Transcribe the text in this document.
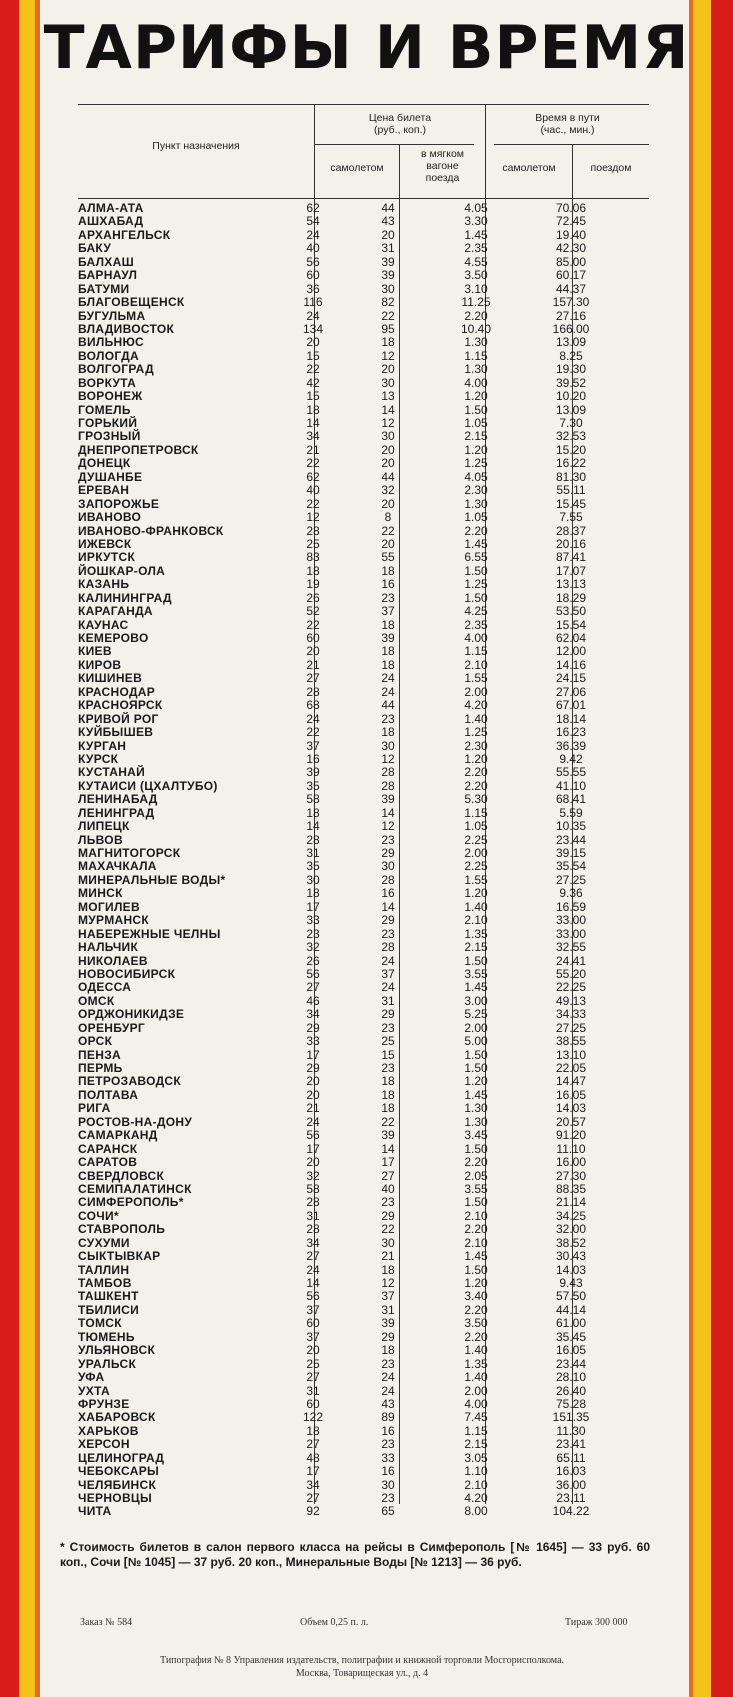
ТАРИФЫ И ВРЕМЯ
Пункт назначения
Цена билета
(руб., коп.)
Время в пути
(час., мин.)
самолетом
в мягком
вагоне
поезда
самолетом	поездом
АЛМА-АТА	62	44	4.05	70.06
АШХАБАД	54	43	3.30	72.45
АРХАНГЕЛЬСК	24	20	1.45	19.40
БАКУ	40	31	2.35	42.30
БАЛХАШ	56	39	4.55	85.00
БАРНАУЛ	60	39	3.50	60.17
БАТУМИ	36	30	3.10	44.37
БЛАГОВЕЩЕНСК	116	82	11.25	157.30
БУГУЛЬМА	24	22	2.20	27.16
ВЛАДИВОСТОК	134	95	10.40	166.00
ВИЛЬНЮС	20	18	1.30	13.09
ВОЛОГДА	15	12	1.15	8.25
ВОЛГОГРАД	22	20	1.30	19.30
ВОРКУТА	42	30	4.00	39.52
ВОРОНЕЖ	15	13	1.20	10.20
ГОМЕЛЬ	18	14	1.50	13.09
ГОРЬКИЙ	14	12	1.05	7.30
ГРОЗНЫЙ	34	30	2.15	32.53
ДНЕПРОПЕТРОВСК	21	20	1.20	15.20
ДОНЕЦК	22	20	1.25	16.22
ДУШАНБЕ	62	44	4.05	81.30
ЕРЕВАН	40	32	2.30	55.11
ЗАПОРОЖЬЕ	22	20	1.30	15.45
ИВАНОВО	12	8	1.05	7.55
ИВАНОВО-ФРАНКОВСК	28	22	2.20	28.37
ИЖЕВСК	25	20	1.45	20.16
ИРКУТСК	83	55	6.55	87.41
ЙОШКАР-ОЛА	18	18	1.50	17.07
КАЗАНЬ	19	16	1.25	13.13
КАЛИНИНГРАД	26	23	1.50	18.29
КАРАГАНДА	52	37	4.25	53.50
КАУНАС	22	18	2.35	15.54
КЕМЕРОВО	60	39	4.00	62.04
КИЕВ	20	18	1.15	12.00
КИРОВ	21	18	2.10	14.16
КИШИНЕВ	27	24	1.55	24.15
КРАСНОДАР	28	24	2.00	27.06
КРАСНОЯРСК	68	44	4.20	67.01
КРИВОЙ РОГ	24	23	1.40	18.14
КУЙБЫШЕВ	22	18	1.25	16.23
КУРГАН	37	30	2.30	36.39
КУРСК	16	12	1.20	9.42
КУСТАНАЙ	39	28	2.20	55.55
КУТАИСИ (ЦХАЛТУБО)	35	28	2.20	41.10
ЛЕНИНАБАД	58	39	5.30	68.41
ЛЕНИНГРАД	18	14	1.15	5.59
ЛИПЕЦК	14	12	1.05	10.35
ЛЬВОВ	28	23	2.25	23.44
МАГНИТОГОРСК	31	29	2.00	39.15
МАХАЧКАЛА	35	30	2.25	35.54
МИНЕРАЛЬНЫЕ ВОДЫ*	30	28	1.55	27.25
МИНСК	18	16	1.20	9.36
МОГИЛЕВ	17	14	1.40	16.59
МУРМАНСК	33	29	2.10	33.00
НАБЕРЕЖНЫЕ ЧЕЛНЫ	23	23	1.35	33.00
НАЛЬЧИК	32	28	2.15	32.55
НИКОЛАЕВ	26	24	1.50	24.41
НОВОСИБИРСК	56	37	3.55	55.20
ОДЕССА	27	24	1.45	22.25
ОМСК	46	31	3.00	49.13
ОРДЖОНИКИДЗЕ	34	29	5.25	34.33
ОРЕНБУРГ	29	23	2.00	27.25
ОРСК	33	25	5.00	38.55
ПЕНЗА	17	15	1.50	13.10
ПЕРМЬ	29	23	1.50	22.05
ПЕТРОЗАВОДСК	20	18	1.20	14.47
ПОЛТАВА	20	18	1.45	16.05
РИГА	21	18	1.30	14.03
РОСТОВ-НА-ДОНУ	24	22	1.30	20.57
САМАРКАНД	56	39	3.45	91.20
САРАНСК	17	14	1.50	11.10
САРАТОВ	20	17	2.20	16.00
СВЕРДЛОВСК	32	27	2.05	27.30
СЕМИПАЛАТИНСК	58	40	3.55	88.35
СИМФЕРОПОЛЬ*	28	23	1.50	21.14
СОЧИ*	31	29	2.10	34.25
СТАВРОПОЛЬ	28	22	2.20	32.00
СУХУМИ	34	30	2.10	38.52
СЫКТЫВКАР	27	21	1.45	30.43
ТАЛЛИН	24	18	1.50	14.03
ТАМБОВ	14	12	1.20	9.43
ТАШКЕНТ	56	37	3.40	57.50
ТБИЛИСИ	37	31	2.20	44.14
ТОМСК	60	39	3.50	61.00
ТЮМЕНЬ	37	29	2.20	35.45
УЛЬЯНОВСК	20	18	1.40	16.05
УРАЛЬСК	25	23	1.35	23.44
УФА	27	24	1.40	28.10
УХТА	31	24	2.00	26.40
ФРУНЗЕ	60	43	4.00	75.28
ХАБАРОВСК	122	89	7.45	151.35
ХАРЬКОВ	18	16	1.15	11.30
ХЕРСОН	27	23	2.15	23.41
ЦЕЛИНОГРАД	48	33	3.05	65.11
ЧЕБОКСАРЫ	17	16	1.10	16.03
ЧЕЛЯБИНСК	34	30	2.10	36.00
ЧЕРНОВЦЫ	27	23	4.20	23.11
ЧИТА	92	65	8.00	104.22
* Стоимость билетов в салон первого класса на рейсы в Симферополь [№ 1645] — 33 руб. 60 коп., Сочи [№ 1045] — 37 руб. 20 коп., Минеральные Воды [№ 1213] — 36 руб.
Заказ № 584	Объем 0,25 п. л.	Тираж 300 000
Типография № 8 Управления издательств, полиграфии и книжной торговли Мосгорисполкома.
Москва, Товарищеская ул., д. 4
